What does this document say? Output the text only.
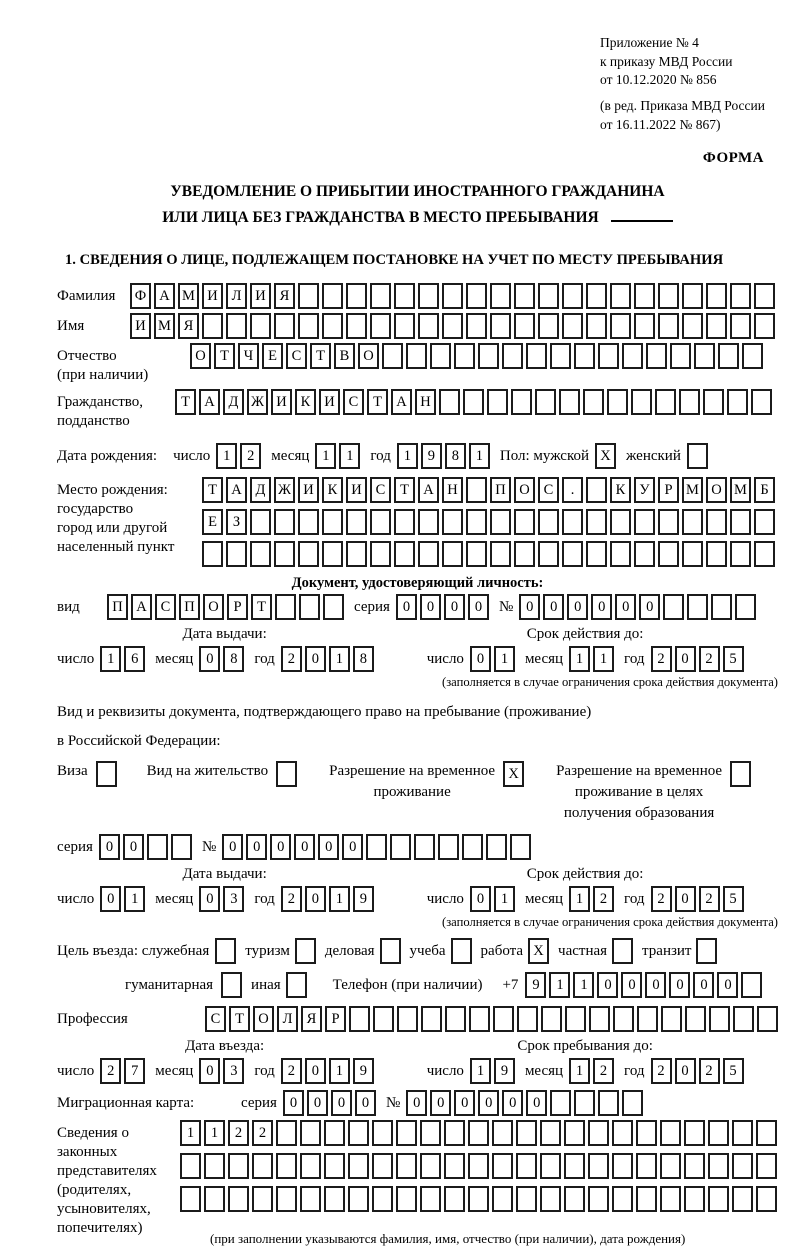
Приложение № 4
к приказу МВД России
от 10.12.2020 № 856
(в ред. Приказа МВД России
от 16.11.2022 № 867)
ФОРМА
УВЕДОМЛЕНИЕ О ПРИБЫТИИ ИНОСТРАННОГО ГРАЖДАНИНА
ИЛИ ЛИЦА БЕЗ ГРАЖДАНСТВА В МЕСТО ПРЕБЫВАНИЯ
1. СВЕДЕНИЯ О ЛИЦЕ, ПОДЛЕЖАЩЕМ ПОСТАНОВКЕ НА УЧЕТ ПО МЕСТУ ПРЕБЫВАНИЯ
Фамилия	Ф А М И Л И Я
Имя	И М Я
Отчество
(при наличии)
О Т	Ч	Е	С	Т	В О
Гражданство,
подданство
Т А Д Ж И К И С	Т А Н
Дата рождения: число 1	2	месяц 1	1	год 1	9	8	1	Пол: мужской X	женский
Место рождения:
государство
город или другой
населенный пункт
Т А Д Ж И К И С	Т А Н	П О С	.	К У	Р М О М Б
Е	З
Документ, удостоверяющий личность:
вид	П А С П О	Р	Т	серия 0	0	0	0	№ 0	0	0	0	0	0
Дата выдачи:
число 1	6	месяц 0	8	год 2	0	1	8
Срок действия до:
число 0	1	месяц 1	1	год 2	0	2	5
(заполняется в случае ограничения срока действия документа)
Вид и реквизиты документа, подтверждающего право на пребывание (проживание)
в Российской Федерации:
Виза	Вид на жительство	Разрешение на временное
проживание
X	Разрешение на временное
проживание в целях
получения образования
серия 0	0	№ 0	0	0	0	0	0
Дата выдачи:
число 0	1	месяц 0	3	год 2	0	1	9
Срок действия до:
число 0	1	месяц 1	2	год 2	0	2	5
(заполняется в случае ограничения срока действия документа)
Цель въезда: служебная туризм деловая учеба работа X частная транзит
гуманитарная	иная	Телефон (при наличии) +7 9	1	1	0	0	0	0	0	0
Профессия	С	Т О Л Я	Р
Дата въезда:
число 2	7	месяц 0	3	год 2	0	1	9
Срок пребывания до:
число 1	9	месяц 1	2	год 2	0	2	5
Миграционная карта:	серия 0	0	0	0	№ 0	0	0	0	0	0
Сведения о
законных
представителях
(родителях,
усыновителях,
попечителях)
1	1	2	2
(при заполнении указываются фамилия, имя, отчество (при наличии), дата рождения)
